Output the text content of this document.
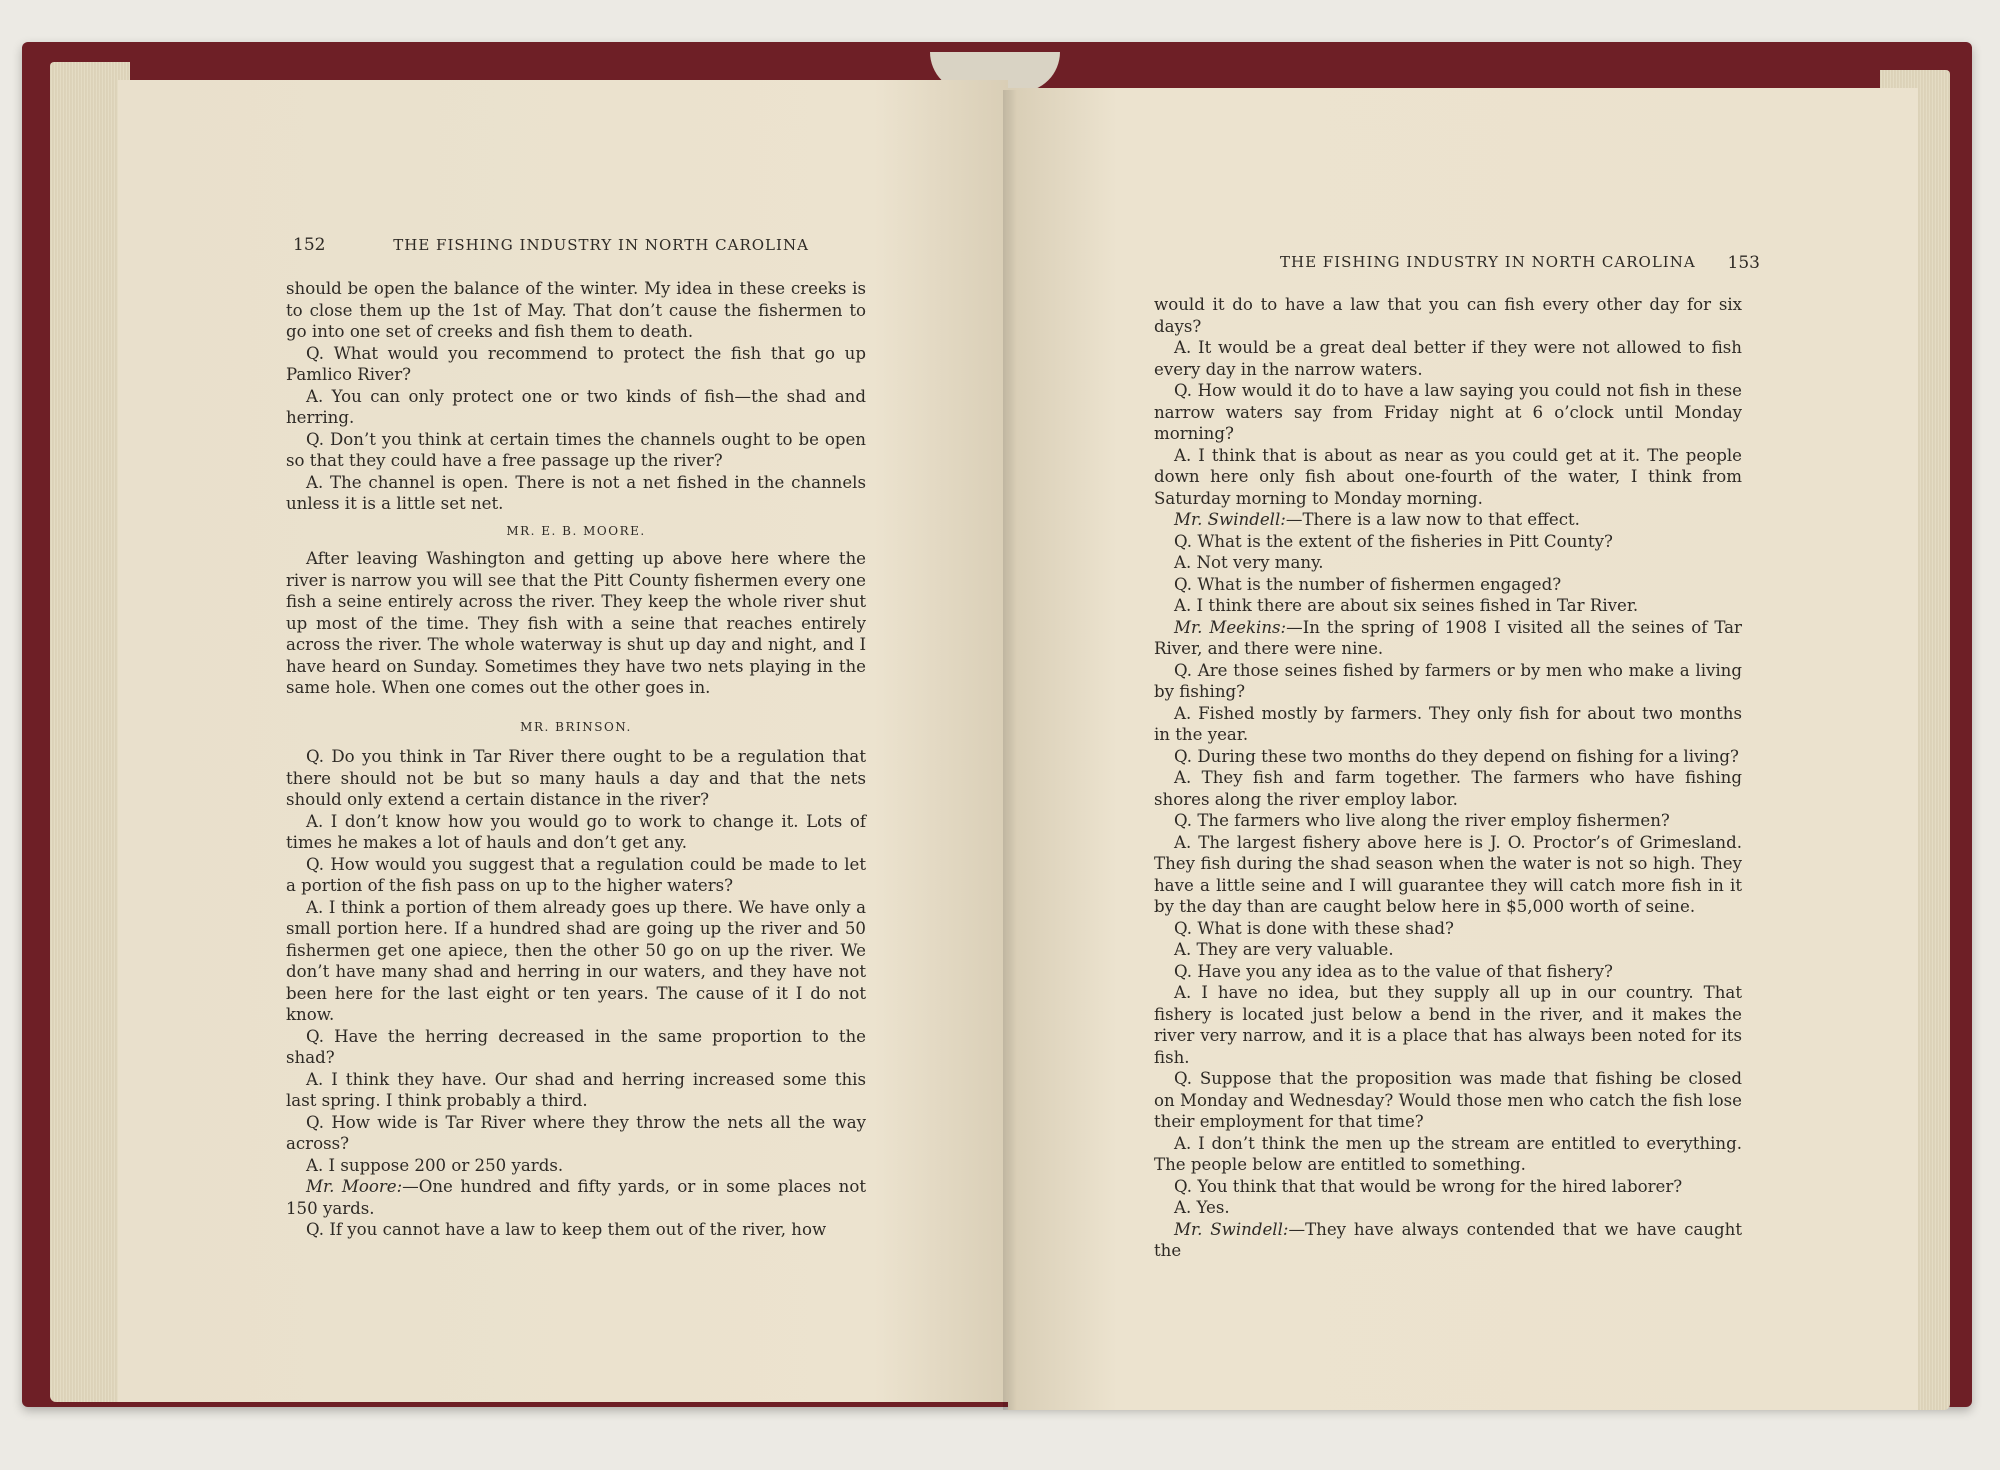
152	THE FISHING INDUSTRY IN NORTH CAROLINA

should be open the balance of the winter. My idea in these creeks is to close them up the 1st of May. That don’t cause the fishermen to go into one set of creeks and fish them to death.

Q. What would you recommend to protect the fish that go up Pamlico River?

A. You can only protect one or two kinds of fish—the shad and herring.

Q. Don’t you think at certain times the channels ought to be open so that they could have a free passage up the river?

A. The channel is open. There is not a net fished in the channels unless it is a little set net.

MR. E. B. MOORE.

After leaving Washington and getting up above here where the river is narrow you will see that the Pitt County fishermen every one fish a seine entirely across the river. They keep the whole river shut up most of the time. They fish with a seine that reaches entirely across the river. The whole waterway is shut up day and night, and I have heard on Sunday. Sometimes they have two nets playing in the same hole. When one comes out the other goes in.

MR. BRINSON.

Q. Do you think in Tar River there ought to be a regulation that there should not be but so many hauls a day and that the nets should only extend a certain distance in the river?

A. I don’t know how you would go to work to change it. Lots of times he makes a lot of hauls and don’t get any.

Q. How would you suggest that a regulation could be made to let a portion of the fish pass on up to the higher waters?

A. I think a portion of them already goes up there. We have only a small portion here. If a hundred shad are going up the river and 50 fishermen get one apiece, then the other 50 go on up the river. We don’t have many shad and herring in our waters, and they have not been here for the last eight or ten years. The cause of it I do not know.

Q. Have the herring decreased in the same proportion to the shad?

A. I think they have. Our shad and herring increased some this last spring. I think probably a third.

Q. How wide is Tar River where they throw the nets all the way across?

A. I suppose 200 or 250 yards.

Mr. Moore:—One hundred and fifty yards, or in some places not 150 yards.

Q. If you cannot have a law to keep them out of the river, how

THE FISHING INDUSTRY IN NORTH CAROLINA 153

would it do to have a law that you can fish every other day for six days?

A. It would be a great deal better if they were not allowed to fish every day in the narrow waters.

Q. How would it do to have a law saying you could not fish in these narrow waters say from Friday night at 6 o’clock until Monday morning?

A. I think that is about as near as you could get at it. The people down here only fish about one-fourth of the water, I think from Saturday morning to Monday morning.

Mr. Swindell:—There is a law now to that effect.

Q. What is the extent of the fisheries in Pitt County?

A. Not very many.

Q. What is the number of fishermen engaged?

A. I think there are about six seines fished in Tar River.

Mr. Meekins:—In the spring of 1908 I visited all the seines of Tar River, and there were nine.

Q. Are those seines fished by farmers or by men who make a living by fishing?

A. Fished mostly by farmers. They only fish for about two months in the year.

Q. During these two months do they depend on fishing for a living?

A. They fish and farm together. The farmers who have fishing shores along the river employ labor.

Q. The farmers who live along the river employ fishermen?

A. The largest fishery above here is J. O. Proctor’s of Grimesland. They fish during the shad season when the water is not so high. They have a little seine and I will guarantee they will catch more fish in it by the day than are caught below here in $5,000 worth of seine.

Q. What is done with these shad?

A. They are very valuable.

Q. Have you any idea as to the value of that fishery?

A. I have no idea, but they supply all up in our country. That fishery is located just below a bend in the river, and it makes the river very narrow, and it is a place that has always been noted for its fish.

Q. Suppose that the proposition was made that fishing be closed on Monday and Wednesday? Would those men who catch the fish lose their employment for that time?

A. I don’t think the men up the stream are entitled to everything. The people below are entitled to something.

Q. You think that that would be wrong for the hired laborer?

A. Yes.

Mr. Swindell:—They have always contended that we have caught the
